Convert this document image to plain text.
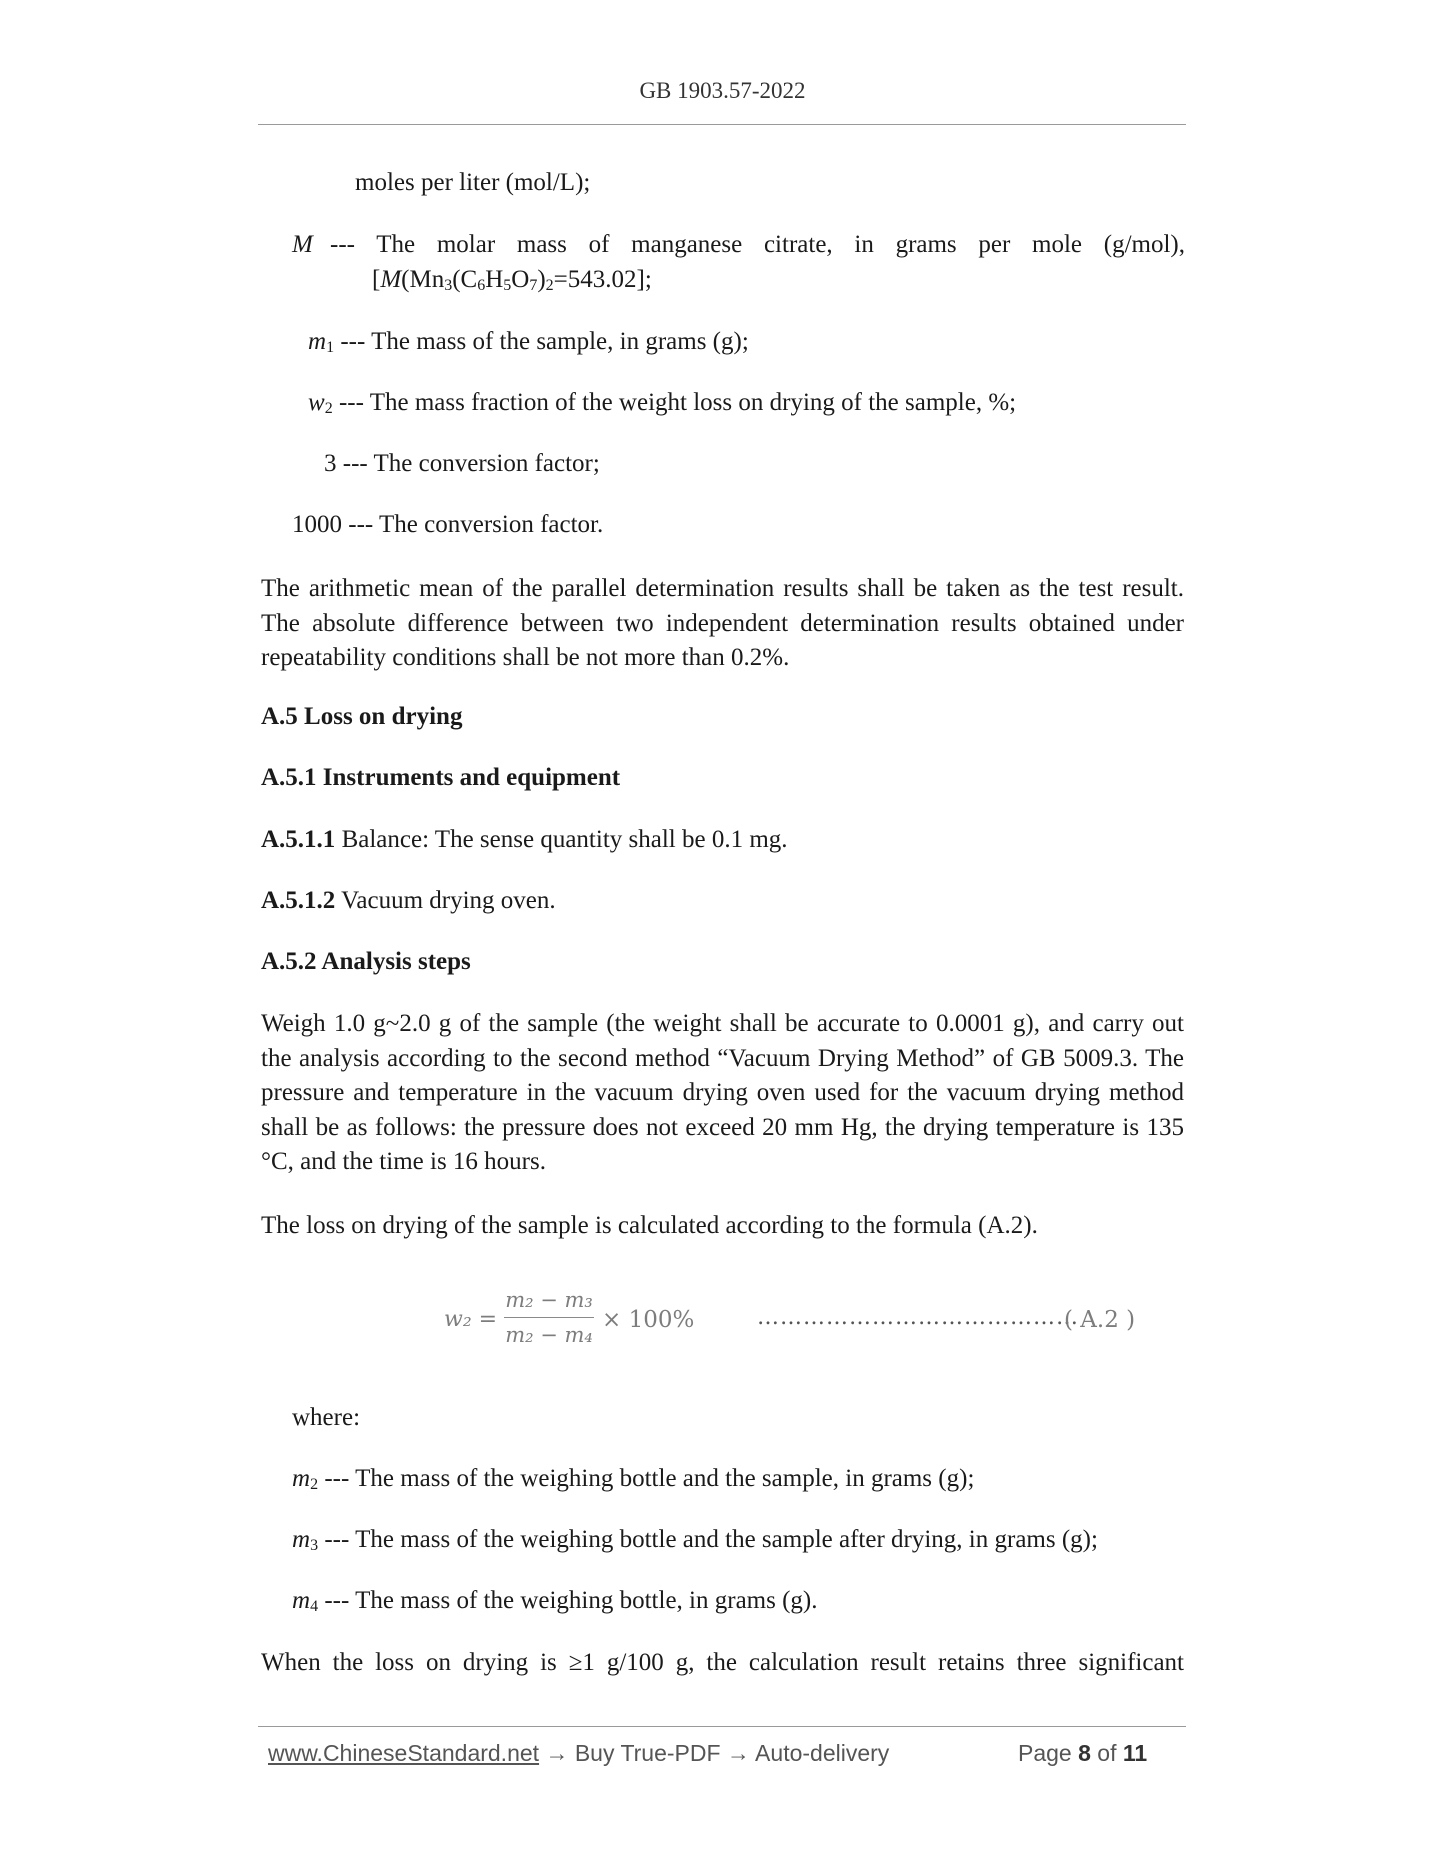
GB 1903.57-2022
moles per liter (mol/L);
M --- The molar mass of manganese citrate, in grams per mole (g/mol),
[$M(Mn_3(C_6H_5O_7)_2=543.02]$;
$m_1$ --- The mass of the sample, in grams (g);
$w_2$ --- The mass fraction of the weight loss on drying of the sample, %;
3 --- The conversion factor;
1000 --- The conversion factor.
The arithmetic mean of the parallel determination results shall be taken as the test result. The absolute difference between two independent determination results obtained under repeatability conditions shall be not more than 0.2%.
A.5 Loss on drying
A.5.1 Instruments and equipment
A.5.1.1 Balance: The sense quantity shall be 0.1 mg.
A.5.1.2 Vacuum drying oven.
A.5.2 Analysis steps
Weigh 1.0 g~2.0 g of the sample (the weight shall be accurate to 0.0001 g), and carry out the analysis according to the second method “Vacuum Drying Method” of GB 5009.3. The pressure and temperature in the vacuum drying oven used for the vacuum drying method shall be as follows: the pressure does not exceed 20 mm Hg, the drying temperature is 135 °C, and the time is 16 hours.
The loss on drying of the sample is calculated according to the formula (A.2).
w₂ =
m₂ − m₃
m₂ − m₄
× 100%	……………………………………
( A.2 )
where:
$m_2$ --- The mass of the weighing bottle and the sample, in grams (g);
$m_3$ --- The mass of the weighing bottle and the sample after drying, in grams (g);
$m_4$ --- The mass of the weighing bottle, in grams (g).
When the loss on drying is ≥1 g/100 g, the calculation result retains three significant
www.ChineseStandard.net → Buy True-PDF → Auto-delivery	Page 8 of 11
